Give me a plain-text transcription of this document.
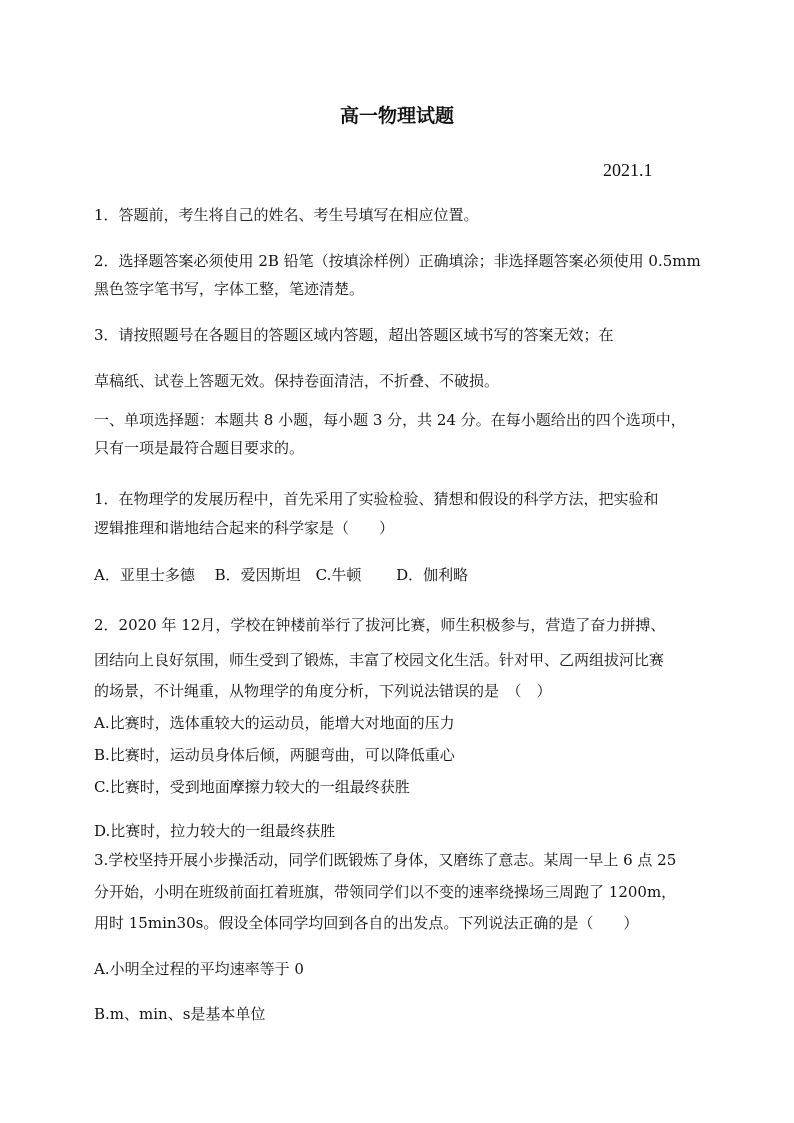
高一物理试题
2021.1
1．答题前，考生将自己的姓名、考生号填写在相应位置。
2．选择题答案必须使用 2B 铅笔（按填涂样例）正确填涂；非选择题答案必须使用 0.5mm
黑色签字笔书写，字体工整，笔迹清楚。
3．请按照题号在各题目的答题区域内答题，超出答题区域书写的答案无效；在
草稿纸、试卷上答题无效。保持卷面清洁，不折叠、不破损。
一、单项选择题：本题共 8 小题，每小题 3 分，共 24 分。在每小题给出的四个选项中，
只有一项是最符合题目要求的。
1．在物理学的发展历程中，首先采用了实验检验、猜想和假设的科学方法，把实验和
逻辑推理和谐地结合起来的科学家是（　　）
A．亚里士多德　 B．爱因斯坦　C.牛顿　　 D．伽利略
2．2020 年 12月，学校在钟楼前举行了拔河比赛，师生积极参与，营造了奋力拼搏、
团结向上良好氛围，师生受到了锻炼，丰富了校园文化生活。针对甲、乙两组拔河比赛
的场景，不计绳重，从物理学的角度分析，下列说法错误的是　（　）
A.比赛时，选体重较大的运动员，能增大对地面的压力
B.比赛时，运动员身体后倾，两腿弯曲，可以降低重心
C.比赛时，受到地面摩擦力较大的一组最终获胜
D.比赛时，拉力较大的一组最终获胜
3.学校坚持开展小步操活动，同学们既锻炼了身体，又磨练了意志。某周一早上 6 点 25
分开始，小明在班级前面扛着班旗，带领同学们以不变的速率绕操场三周跑了 1200m，
用时 15min30s。假设全体同学均回到各自的出发点。下列说法正确的是（　　）
A.小明全过程的平均速率等于 0
B.m、min、s是基本单位
